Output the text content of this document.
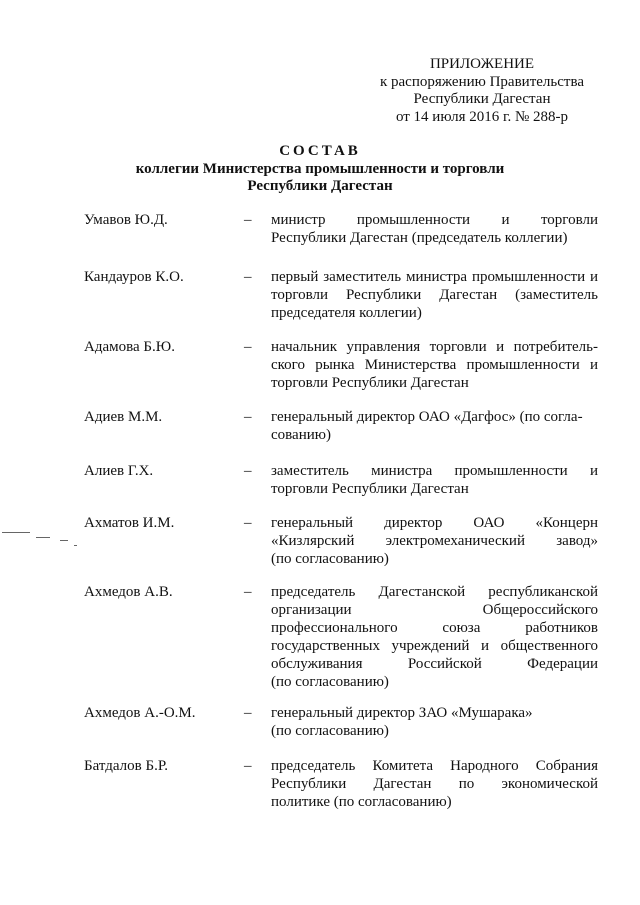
ПРИЛОЖЕНИЕ
к распоряжению Правительства
Республики Дагестан
от 14 июля 2016 г. № 288-р
СОСТАВ
коллегии Министерства промышленности и торговли
Республики Дагестан
Умавов Ю.Д.	– министр промышленности и торговли
Республики Дагестан (председатель коллегии)
Кандауров К.О.	– первый заместитель министра промышленности и
торговли Республики Дагестан (заместитель
председателя коллегии)
Адамова Б.Ю.	– начальник управления торговли и потребитель-
ского рынка Министерства промышленности и
торговли Республики Дагестан
Адиев М.М.	– генеральный директор ОАО «Дагфос» (по согла-
сованию)
Алиев Г.Х.	– заместитель министра промышленности и
торговли Республики Дагестан
Ахматов И.М.	– генеральный директор ОАО «Концерн
«Кизлярский электромеханический завод»
(по согласованию)
Ахмедов А.В.	– председатель Дагестанской республиканской
организации Общероссийского
профессионального союза работников
государственных учреждений и общественного
обслуживания Российской Федерации
(по согласованию)
Ахмедов А.-О.М.	– генеральный директор ЗАО «Мушарака»
(по согласованию)
Батдалов Б.Р.	– председатель Комитета Народного Собрания
Республики Дагестан по экономической
политике (по согласованию)
